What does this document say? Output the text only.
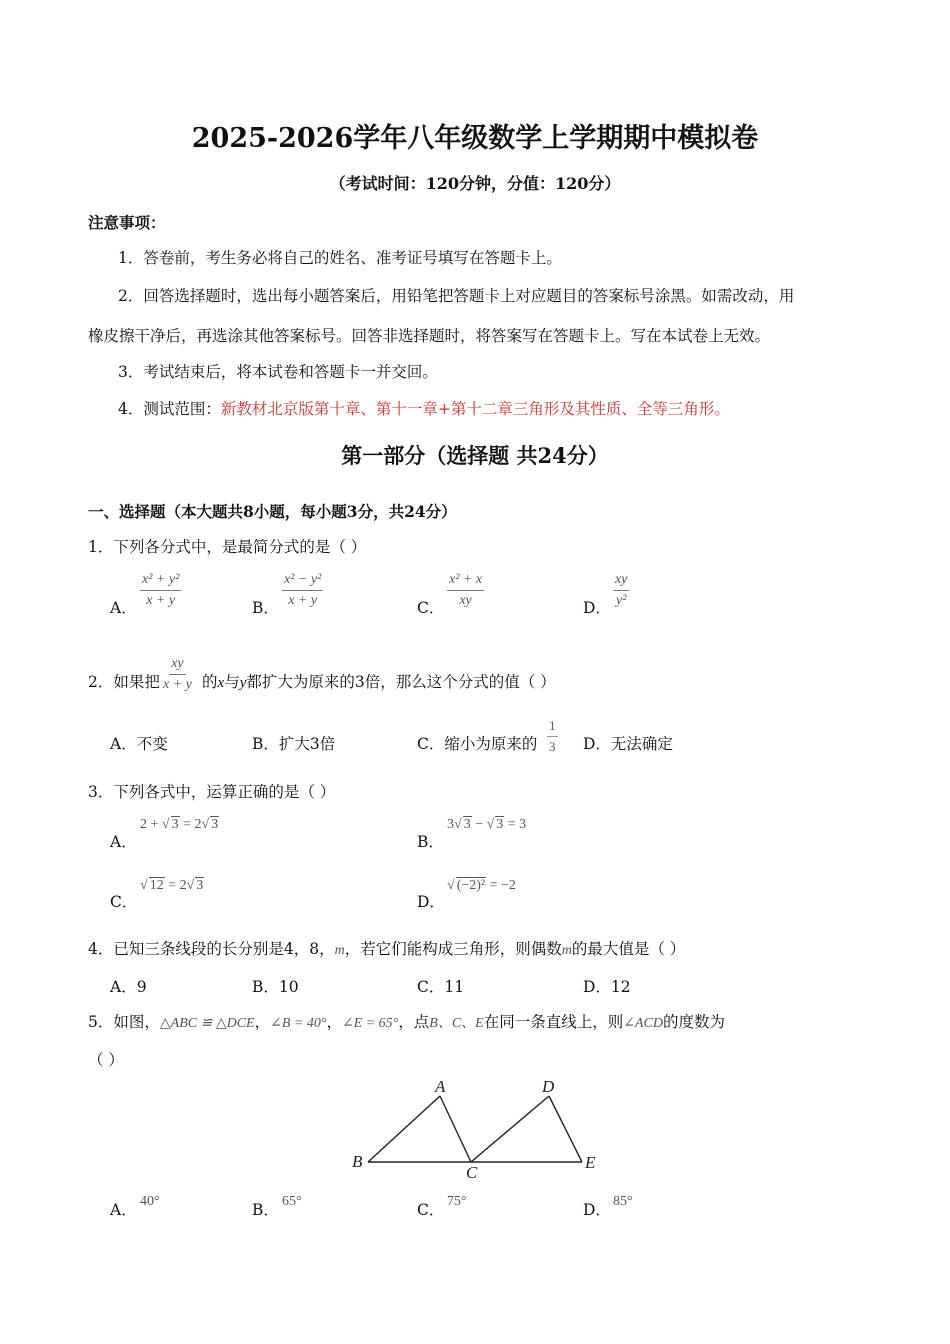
2025-2026学年八年级数学上学期期中模拟卷
（考试时间：120分钟，分值：120分）
注意事项：
1．答卷前，考生务必将自己的姓名、准考证号填写在答题卡上。
2．回答选择题时，选出每小题答案后，用铅笔把答题卡上对应题目的答案标号涂黑。如需改动，用
橡皮擦干净后，再选涂其他答案标号。回答非选择题时，将答案写在答题卡上。写在本试卷上无效。
3．考试结束后，将本试卷和答题卡一并交回。
4．测试范围：新教材北京版第十章、第十一章+第十二章三角形及其性质、全等三角形。
第一部分（选择题 共24分）
一、选择题（本大题共8小题，每小题3分，共24分）
1．下列各分式中，是最简分式的是（ ）
A． $\frac{\text{x² + y²}}{x + y}$	B． $\frac{\text{x² − y²}}{x + y}$	C． $\frac{\text{x² + x}}{xy}$	D． $\frac{xy}{\text{y²}}$
2．如果把 $\frac{xy}{x + y}$ 的x与y都扩大为原来的3倍，那么这个分式的值（ ）
A．不变	B．扩大3倍	C．缩小为原来的 $\frac{1}{3}$ D．无法确定
3．下列各式中，运算正确的是（ ）
A．
2 + √ 3 = 2√ 3
B．
3√ 3 − √ 3 = 3
C．
√ 12 = 2√ 3
D．
√ (−2)² = −2
4．已知三条线段的长分别是4，8，m，若它们能构成三角形，则偶数m的最大值是（ ）
A．9	B．10	C．11	D．12
5．如图，△ABC ≌ △DCE，∠B = 40°，∠E = 65°，点B、C、E在同一条直线上，则∠ACD的度数为
（ ）
A
B
C
D
E
A． 40°	B． 65°	C． 75°	D． 85°
